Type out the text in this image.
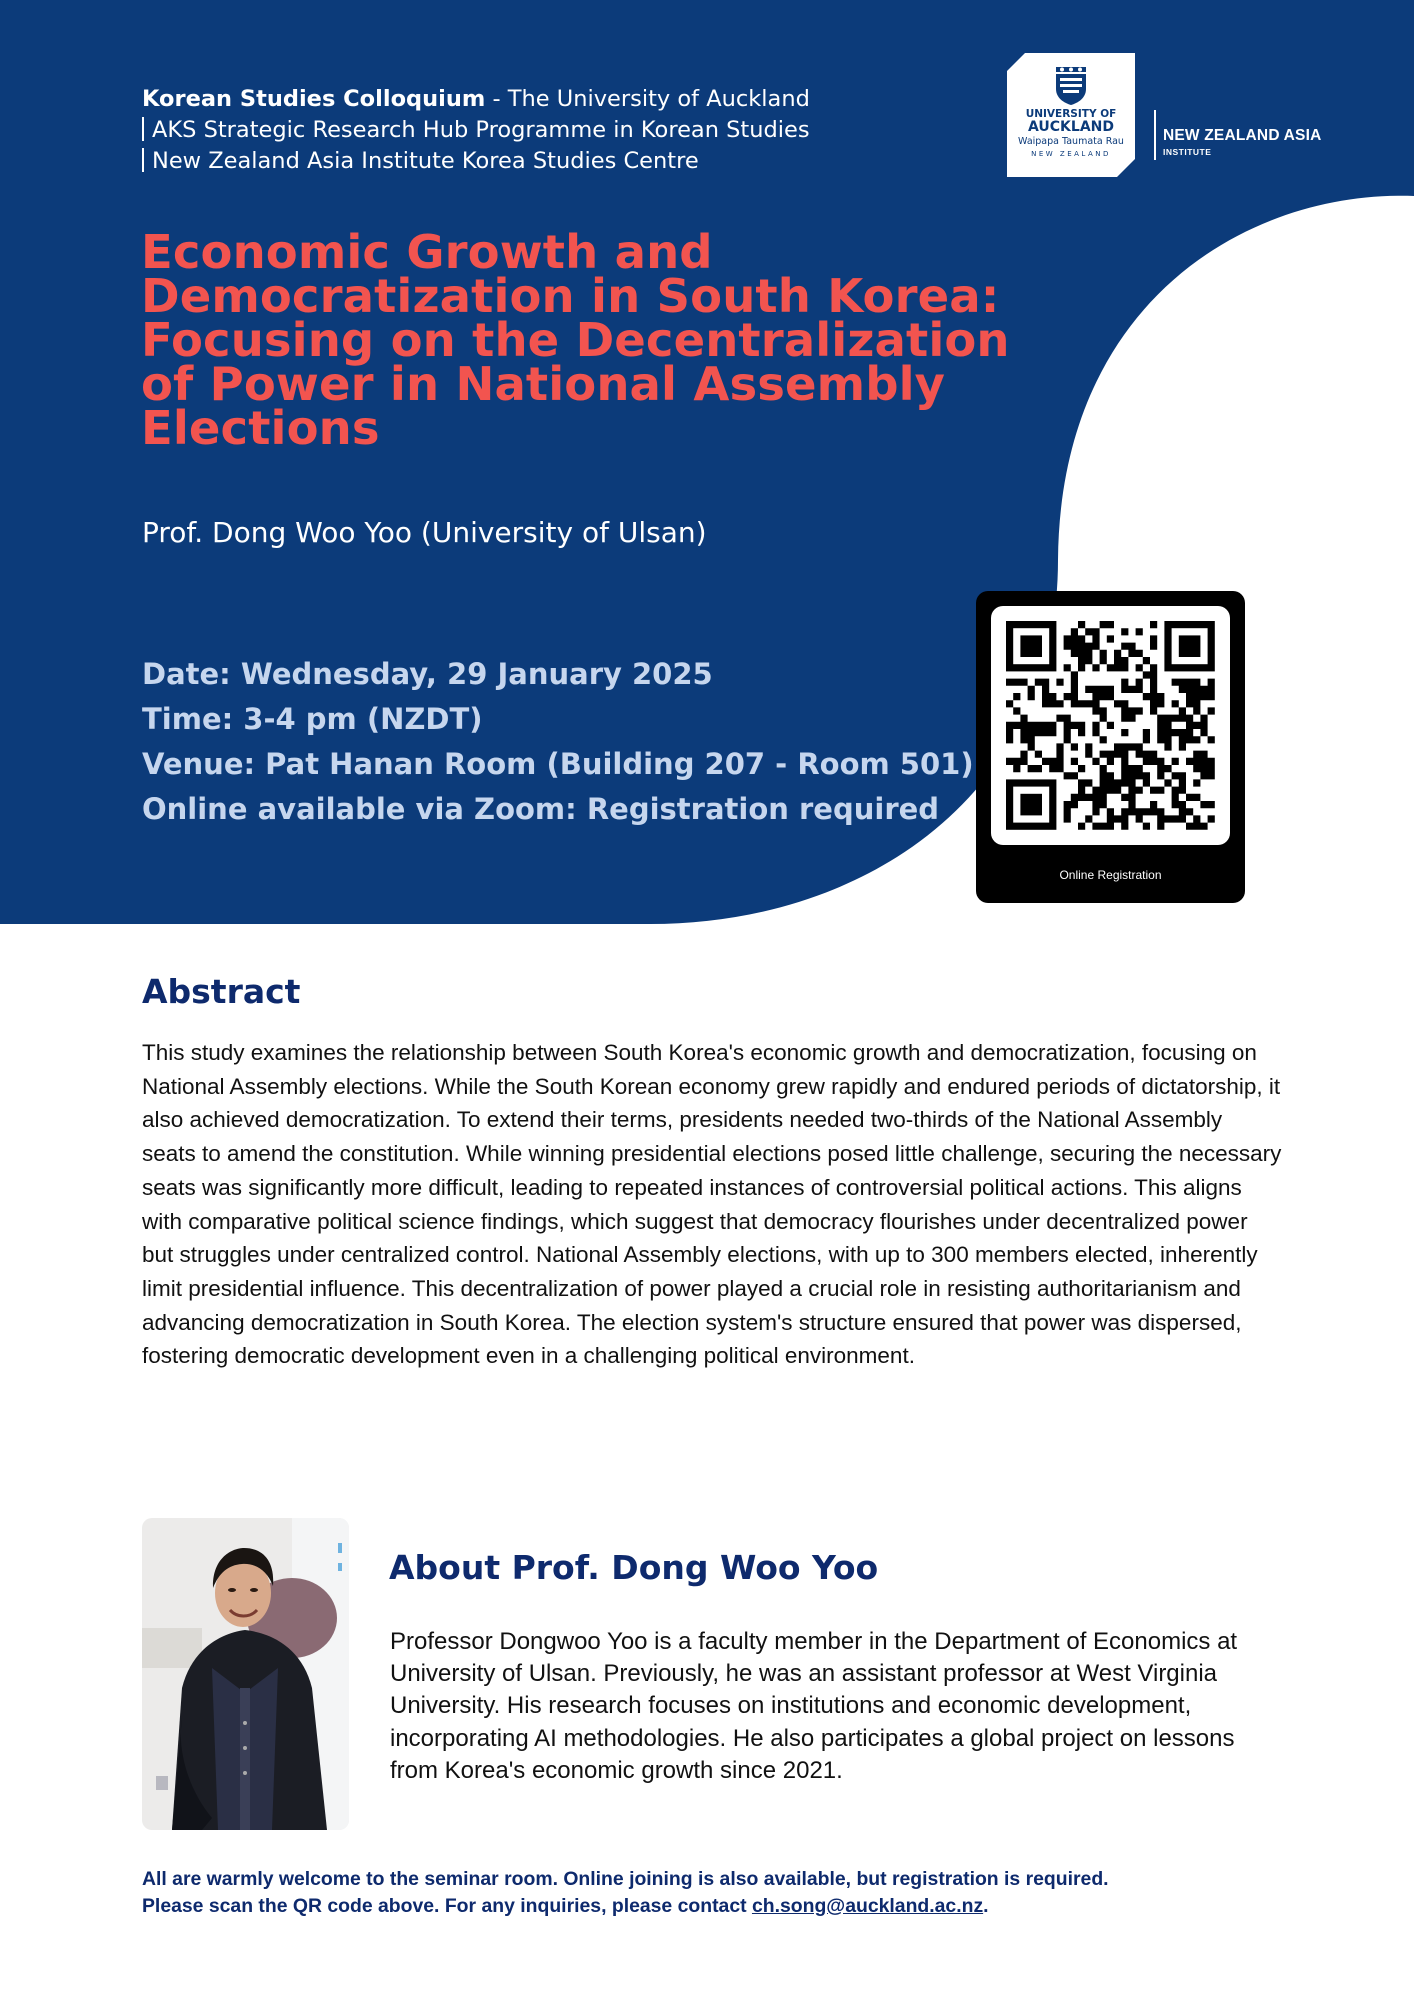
Korean Studies Colloquium - The University of Auckland
AKS Strategic Research Hub Programme in Korean Studies
New Zealand Asia Institute Korea Studies Centre
UNIVERSITY OF
AUCKLAND
Waipapa Taumata Rau
NEW ZEALAND
NEW ZEALAND ASIA
INSTITUTE
Economic Growth and Democratization in South Korea: Focusing on the Decentralization of Power in National Assembly Elections
Prof. Dong Woo Yoo (University of Ulsan)
Date: Wednesday, 29 January 2025
Time: 3-4 pm (NZDT)
Venue: Pat Hanan Room (Building 207 - Room 501)
Online available via Zoom: Registration required
Online Registration
Abstract

This study examines the relationship between South Korea's economic growth and democratization, focusing on National Assembly elections. While the South Korean economy grew rapidly and endured periods of dictatorship, it also achieved democratization. To extend their terms, presidents needed two-thirds of the National Assembly seats to amend the constitution. While winning presidential elections posed little challenge, securing the necessary seats was significantly more difficult, leading to repeated instances of controversial political actions. This aligns with comparative political science findings, which suggest that democracy flourishes under decentralized power but struggles under centralized control. National Assembly elections, with up to 300 members elected, inherently limit presidential influence. This decentralization of power played a crucial role in resisting authoritarianism and advancing democratization in South Korea. The election system's structure ensured that power was dispersed, fostering democratic development even in a challenging political environment.

About Prof. Dong Woo Yoo

Professor Dongwoo Yoo is a faculty member in the Department of Economics at University of Ulsan. Previously, he was an assistant professor at West Virginia University. His research focuses on institutions and economic development, incorporating AI methodologies. He also participates a global project on lessons from Korea's economic growth since 2021.

All are warmly welcome to the seminar room. Online joining is also available, but registration is required.
Please scan the QR code above. For any inquiries, please contact ch.song@auckland.ac.nz.
